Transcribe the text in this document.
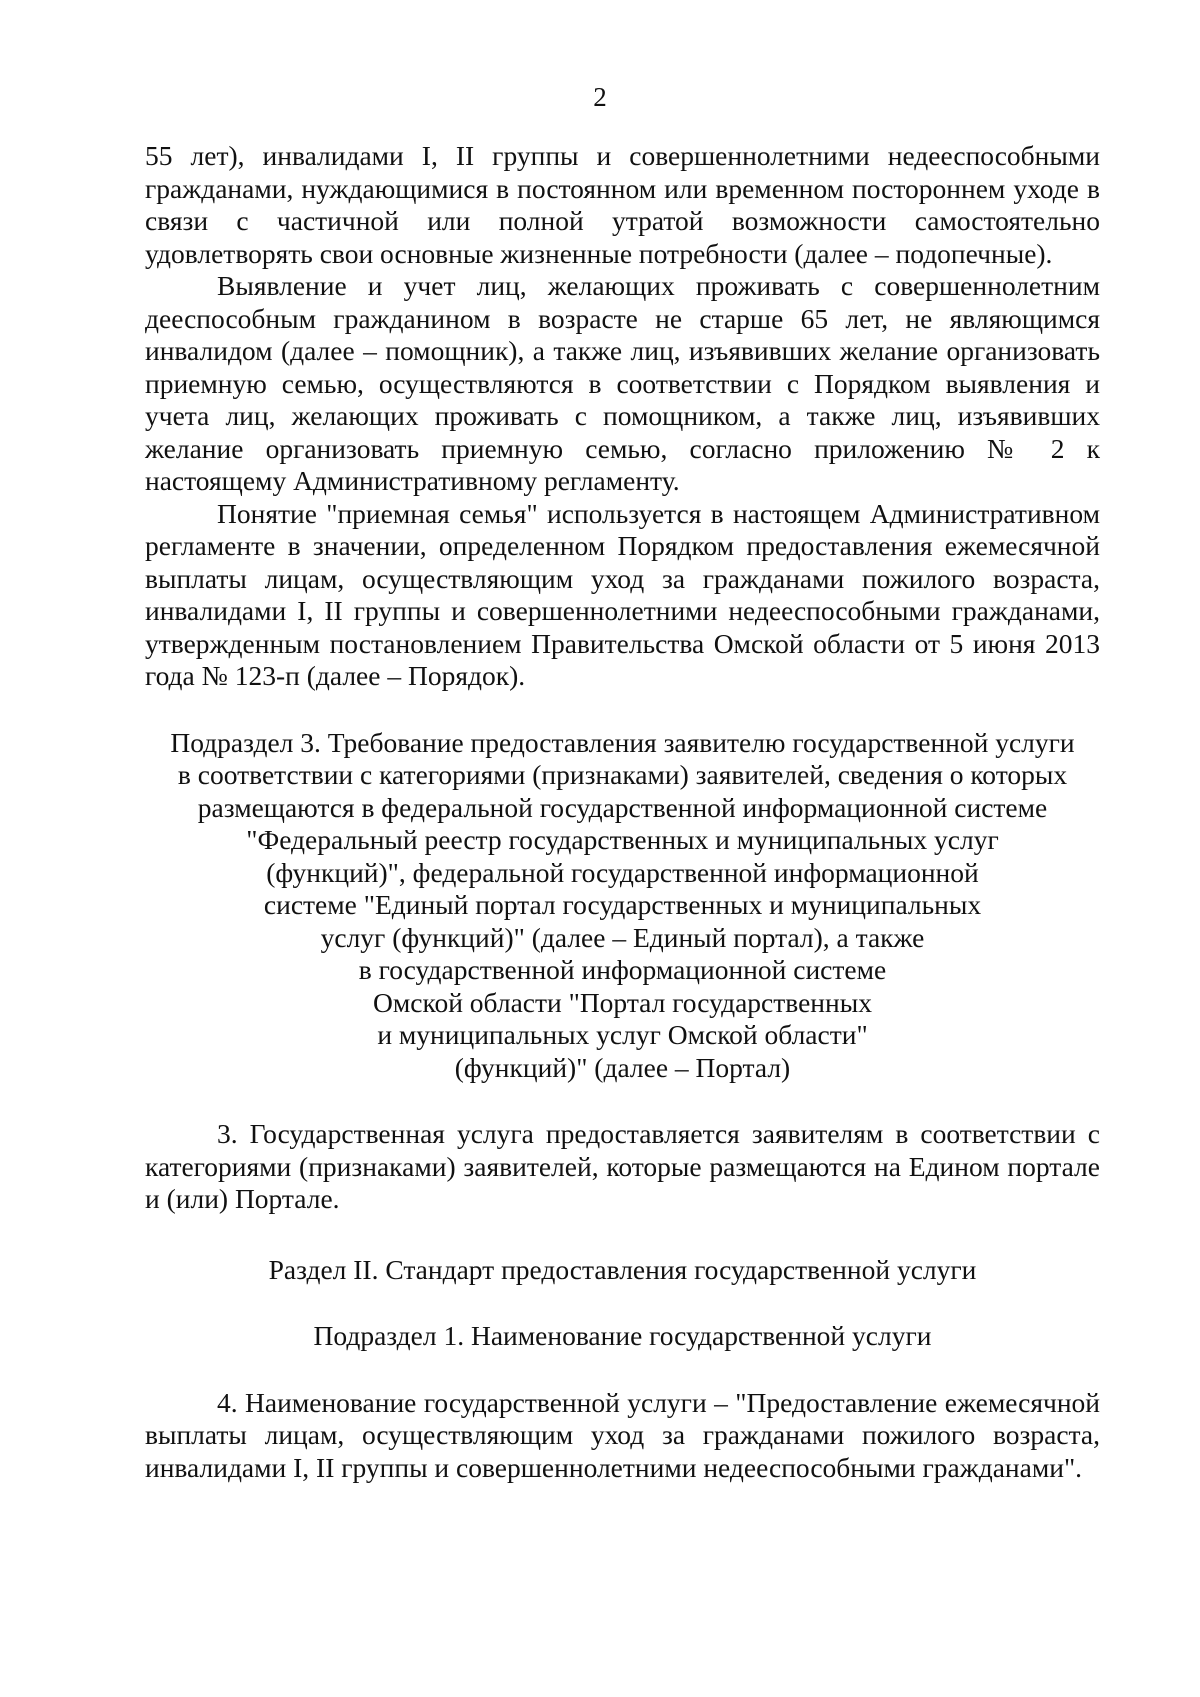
2

55 лет), инвалидами I, II группы и совершеннолетними недееспособными гражданами, нуждающимися в постоянном или временном постороннем уходе в связи с частичной или полной утратой возможности самостоятельно удовлетворять свои основные жизненные потребности (далее – подопечные).

Выявление и учет лиц, желающих проживать с совершеннолетним дееспособным гражданином в возрасте не старше 65 лет, не являющимся инвалидом (далее – помощник), а также лиц, изъявивших желание организовать приемную семью, осуществляются в соответствии с Порядком выявления и учета лиц, желающих проживать с помощником, а также лиц, изъявивших желание организовать приемную семью, согласно приложению № 2 к настоящему Административному регламенту.

Понятие "приемная семья" используется в настоящем Административном регламенте в значении, определенном Порядком предоставления ежемесячной выплаты лицам, осуществляющим уход за гражданами пожилого возраста, инвалидами I, II группы и совершеннолетними недееспособными гражданами, утвержденным постановлением Правительства Омской области от 5 июня 2013 года № 123-п (далее – Порядок).

Подраздел 3. Требование предоставления заявителю государственной услуги
в соответствии с категориями (признаками) заявителей, сведения о которых
размещаются в федеральной государственной информационной системе
"Федеральный реестр государственных и муниципальных услуг
(функций)", федеральной государственной информационной
системе "Единый портал государственных и муниципальных
услуг (функций)" (далее – Единый портал), а также
в государственной информационной системе
Омской области "Портал государственных
и муниципальных услуг Омской области"
(функций)" (далее – Портал)

3. Государственная услуга предоставляется заявителям в соответствии с категориями (признаками) заявителей, которые размещаются на Едином портале и (или) Портале.

Раздел II. Стандарт предоставления государственной услуги
Подраздел 1. Наименование государственной услуги

4. Наименование государственной услуги – "Предоставление ежемесячной выплаты лицам, осуществляющим уход за гражданами пожилого возраста, инвалидами I, II группы и совершеннолетними недееспособными гражданами".
